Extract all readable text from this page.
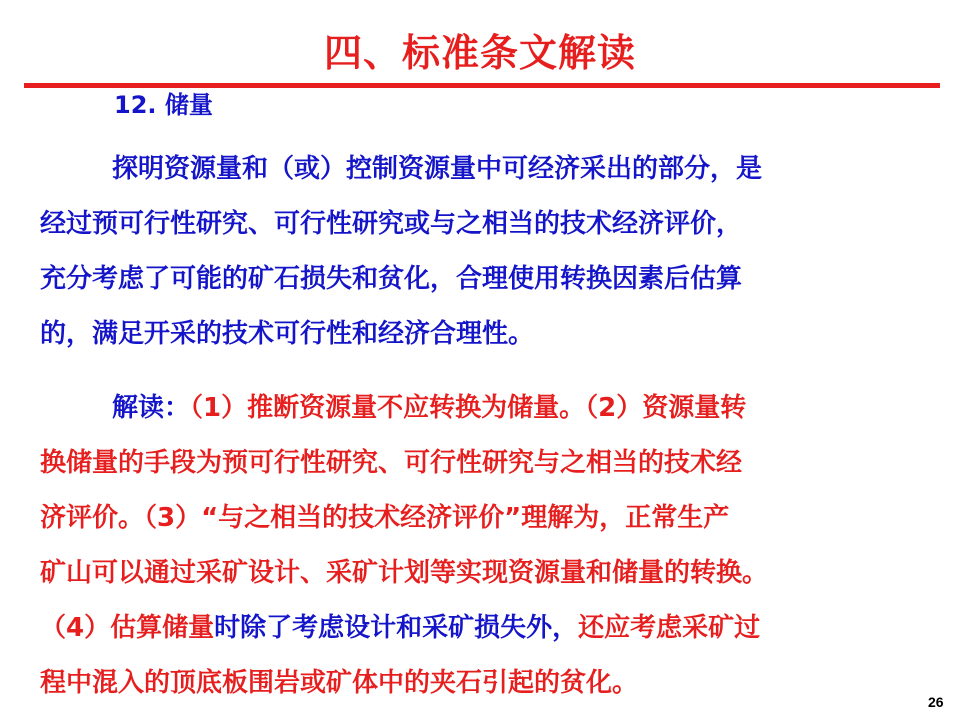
四、标准条文解读
12. 储量

探明资源量和（或）控制资源量中可经济采出的部分，是
经过预可行性研究、可行性研究或与之相当的技术经济评价，
充分考虑了可能的矿石损失和贫化，合理使用转换因素后估算
的，满足开采的技术可行性和经济合理性。

解读：（1）推断资源量不应转换为储量。（2）资源量转
换储量的手段为预可行性研究、可行性研究与之相当的技术经
济评价。（3）“与之相当的技术经济评价”理解为，正常生产
矿山可以通过采矿设计、采矿计划等实现资源量和储量的转换。
（4）估算储量时除了考虑设计和采矿损失外，还应考虑采矿过
程中混入的顶底板围岩或矿体中的夹石引起的贫化。

26
